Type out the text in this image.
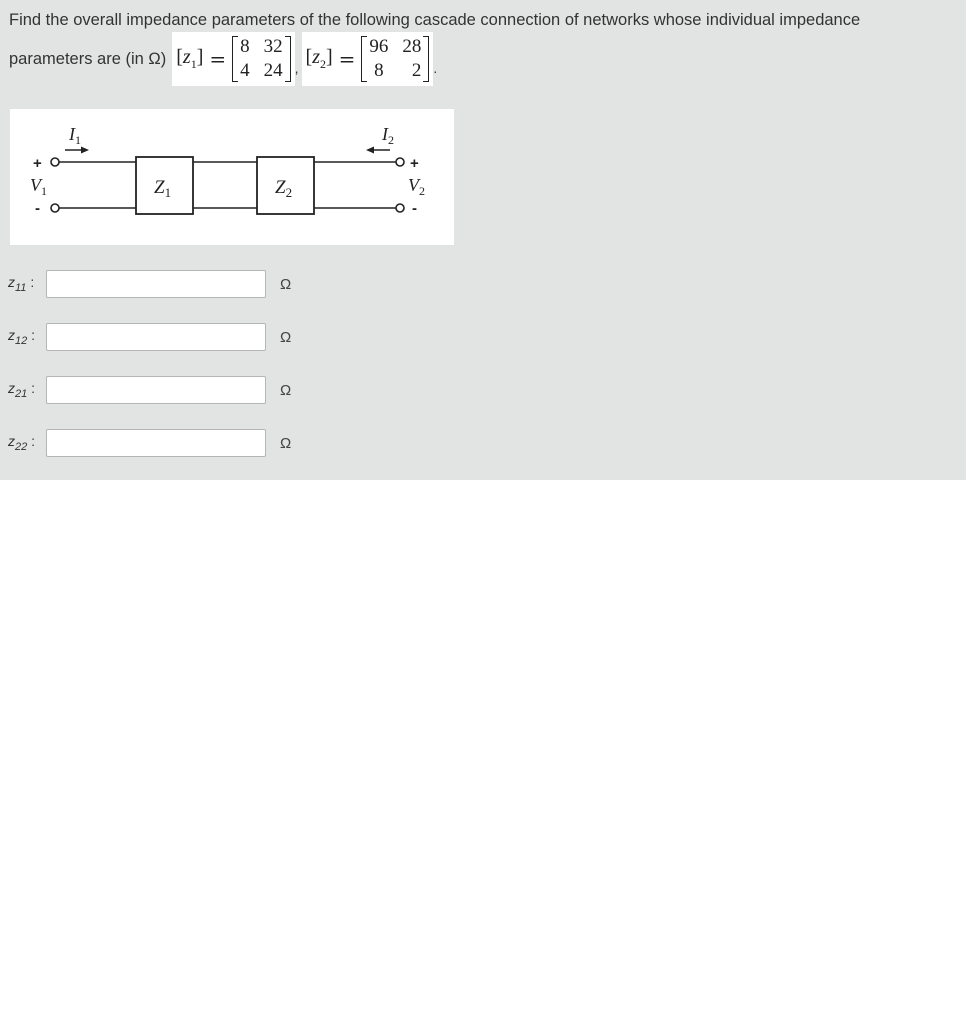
Find the overall impedance parameters of the following cascade connection of networks whose individual impedance
parameters are (in Ω) $[z_1]$ =
8 32
4 24 , $[z_2]$ =
96 28
8	2 .
$I_1$	$I_2$
$V_1$	$V_2$
$Z_1$	$Z_2$
+
-
+
-
$z_{11}$ :	Ω
$z_{12}$ :	Ω
$z_{21}$ :	Ω
$z_{22}$ :	Ω
